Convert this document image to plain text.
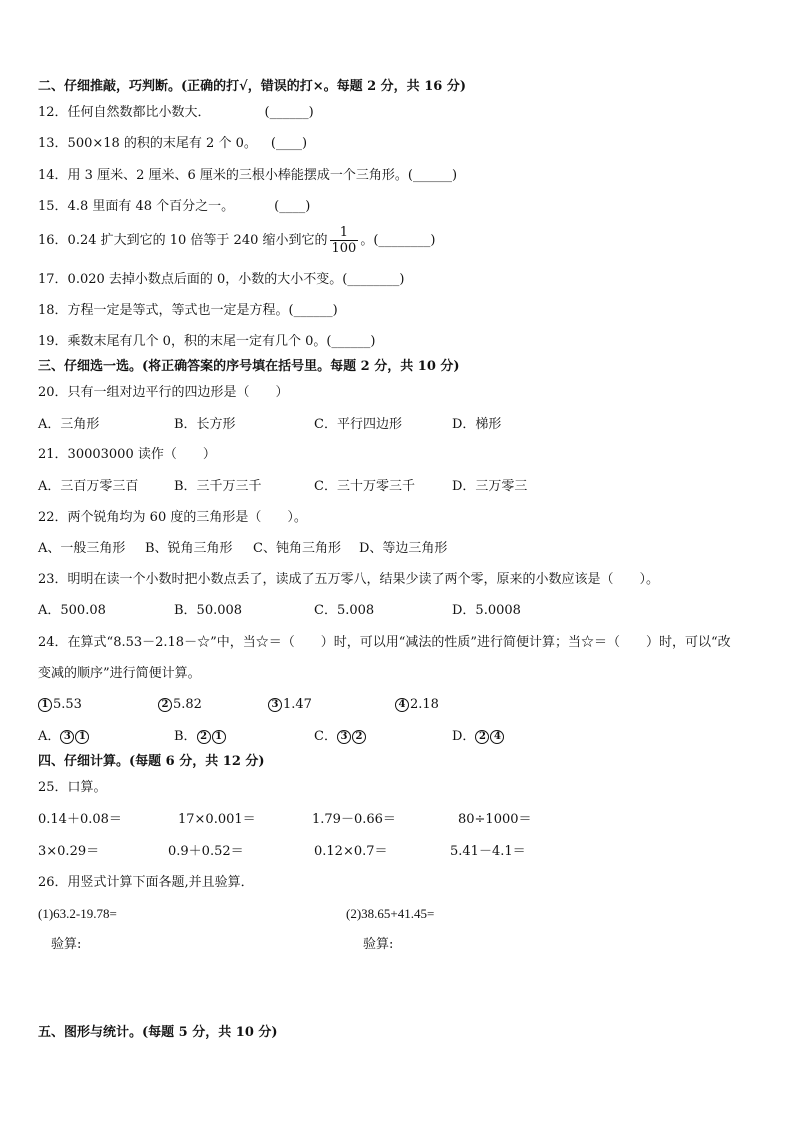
二、仔细推敲，巧判断。(正确的打√，错误的打×。每题 2 分，共 16 分)
12．任何自然数都比小数大．	(______)
13．500×18 的积的末尾有 2 个 0。 (____)
14．用 3 厘米、2 厘米、6 厘米的三根小棒能摆成一个三角形。(______)
15．4.8 里面有 48 个百分之一。	(____)
16．0.24 扩大到它的 10 倍等于 240 缩小到它的 $\frac{1}{100}$ 。(________)
17．0.020 去掉小数点后面的 0，小数的大小不变。(________)
18．方程一定是等式，等式也一定是方程。(______)
19．乘数末尾有几个 0，积的末尾一定有几个 0。(______)
三、仔细选一选。(将正确答案的序号填在括号里。每题 2 分，共 10 分)
20．只有一组对边平行的四边形是（　　）
A．三角形	B．长方形	C．平行四边形	D．梯形
21．30003000 读作（　　）
A．三百万零三百	B．三千万三千	C．三十万零三千	D．三万零三
22．两个锐角均为 60 度的三角形是（　　）。
A、一般三角形 B、锐角三角形 C、钝角三角形 D、等边三角形
23．明明在读一个小数时把小数点丢了，读成了五万零八，结果少读了两个零，原来的小数应该是（　　）。
A．500.08	B．50.008	C．5.008	D．5.0008
24．在算式“8.53－2.18－☆”中，当☆＝（　　）时，可以用“减法的性质”进行简便计算；当☆＝（　　）时，可以“改
变减的顺序”进行简便计算。
1 5.53	2 5.82	3 1.47	4 2.18
A． 3 1	B． 2 1	C． 3 2	D． 2 4
四、仔细计算。(每题 6 分，共 12 分)
25．口算。
0.14＋0.08＝	17×0.001＝	1.79－0.66＝	80÷1000＝
3×0.29＝	0.9＋0.52＝	0.12×0.7＝	5.41－4.1＝
26．用竖式计算下面各题,并且验算．
(1)63.2-19.78=	(2)38.65+41.45=
验算:	验算:
五、图形与统计。(每题 5 分，共 10 分)
